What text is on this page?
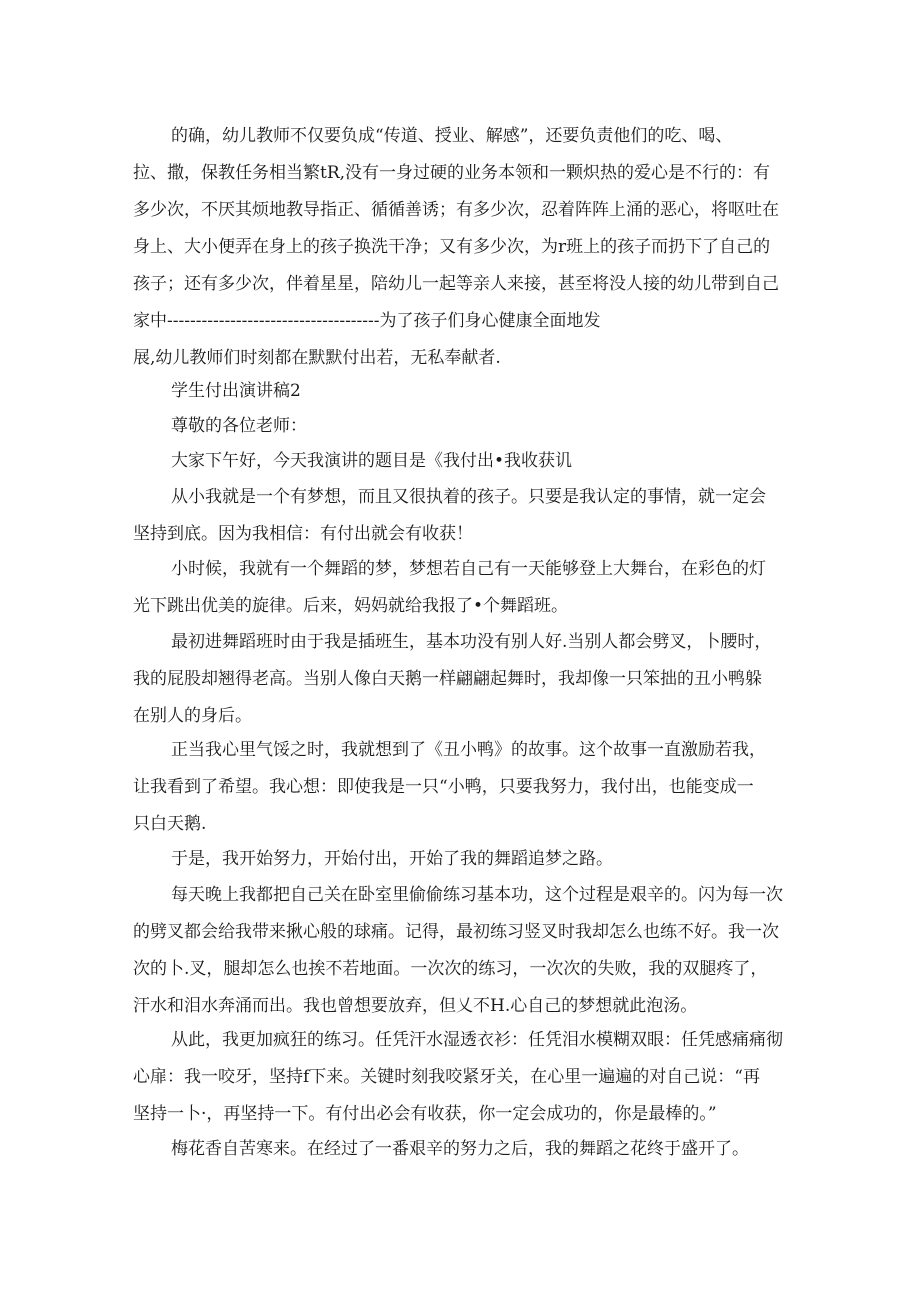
的确，幼儿教师不仅要负成“传道、授业、解感”，还要负责他们的吃、喝、
拉、撒，保教任务相当繁tR,没有一身过硬的业务本领和一颗炽热的爱心是不行的：有
多少次，不厌其烦地教导指正、循循善诱；有多少次，忍着阵阵上涌的恶心，将呕吐在
身上、大小便弄在身上的孩子换洗干净；又有多少次，为r班上的孩子而扔下了自己的
孩子；还有多少次，伴着星星，陪幼儿一起等亲人来接，甚至将没人接的幼儿带到自己
家中-------------------------------------为了孩子们身心健康全面地发
展,幼儿教师们时刻都在默默付出若，无私奉献者.
学生付出演讲稿2
尊敬的各位老师：
大家下午好，今天我演讲的题目是《我付出•我收获讥
从小我就是一个有梦想，而且又很执着的孩子。只要是我认定的事情，就一定会
坚持到底。因为我相信：有付出就会有收获！
小时候，我就有一个舞蹈的梦，梦想若自己有一天能够登上大舞台，在彩色的灯
光下跳出优美的旋律。后来，妈妈就给我报了•个舞蹈班。
最初进舞蹈班时由于我是插班生，基本功没有别人好.当别人都会劈叉，卜腰时，
我的屁股却翘得老高。当别人像白天鹅一样翩翩起舞时，我却像一只笨拙的丑小鸭躲
在别人的身后。
正当我心里气馁之时，我就想到了《丑小鸭》的故事。这个故事一直激励若我，
让我看到了希望。我心想：即使我是一只“小鸭，只要我努力，我付出，也能变成一
只白天鹅.
于是，我开始努力，开始付出，开始了我的舞蹈追梦之路。
每天晚上我都把自己关在卧室里偷偷练习基本功，这个过程是艰辛的。闪为每一次
的劈叉都会给我带来揪心般的球痛。记得，最初练习竖叉时我却怎么也练不好。我一次
次的卜.叉，腿却怎么也挨不若地面。一次次的练习，一次次的失败，我的双腿疼了，
汗水和泪水奔涌而出。我也曾想要放弃，但乂不H.心自己的梦想就此泡汤。
从此，我更加疯狂的练习。任凭汗水湿透衣衫：任凭泪水模糊双眼：任凭感痛痛彻
心扉：我一咬牙，坚持f下来。关键时刻我咬紧牙关，在心里一遍遍的对自己说：“再
坚持一卜·，再坚持一下。有付出必会有收获，你一定会成功的，你是最棒的。”
梅花香自苦寒来。在经过了一番艰辛的努力之后，我的舞蹈之花终于盛开了。
